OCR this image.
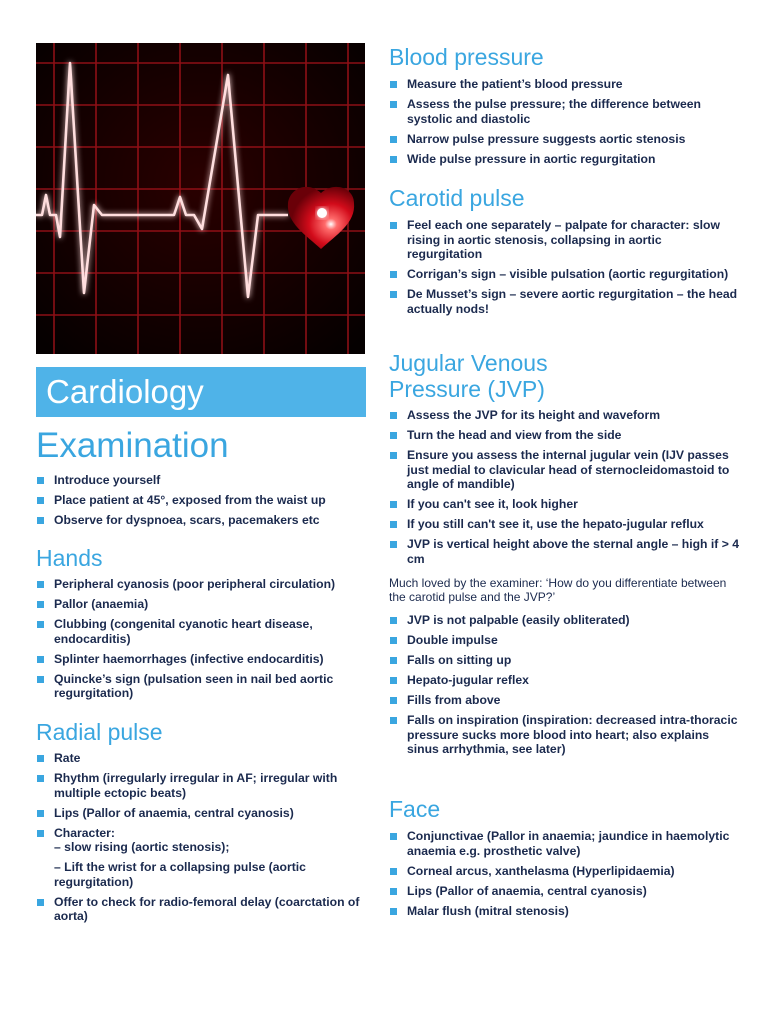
Cardiology
Examination
Introduce yourself
Place patient at 45°, exposed from the waist up
Observe for dyspnoea, scars, pacemakers etc
Hands
Peripheral cyanosis (poor peripheral circulation)
Pallor (anaemia)
Clubbing (congenital cyanotic heart disease, endocarditis)
Splinter haemorrhages (infective endocarditis)
Quincke’s sign (pulsation seen in nail bed aortic regurgitation)
Radial pulse
Rate
Rhythm (irregularly irregular in AF; irregular with multiple ectopic beats)
Lips (Pallor of anaemia, central cyanosis)
Character:
– slow rising (aortic stenosis);
– Lift the wrist for a collapsing pulse (aortic regurgitation)
Offer to check for radio-femoral delay (coarctation of aorta)
Blood pressure
Measure the patient’s blood pressure
Assess the pulse pressure; the difference between systolic and diastolic
Narrow pulse pressure suggests aortic stenosis
Wide pulse pressure in aortic regurgitation
Carotid pulse
Feel each one separately – palpate for character: slow rising in aortic stenosis, collapsing in aortic regurgitation
Corrigan’s sign – visible pulsation (aortic regurgitation)
De Musset’s sign – severe aortic regurgitation – the head actually nods!
Jugular Venous
Pressure (JVP)
Assess the JVP for its height and waveform
Turn the head and view from the side
Ensure you assess the internal jugular vein (IJV passes just medial to clavicular head of sternocleidomastoid to angle of mandible)
If you can't see it, look higher
If you still can't see it, use the hepato-jugular reflux
JVP is vertical height above the sternal angle – high if > 4 cm

Much loved by the examiner: ‘How do you differentiate between the carotid pulse and the JVP?’

JVP is not palpable (easily obliterated)
Double impulse
Falls on sitting up
Hepato-jugular reflex
Fills from above
Falls on inspiration (inspiration: decreased intra-thoracic pressure sucks more blood into heart; also explains sinus arrhythmia, see later)
Face
Conjunctivae (Pallor in anaemia; jaundice in haemolytic anaemia e.g. prosthetic valve)
Corneal arcus, xanthelasma (Hyperlipidaemia)
Lips (Pallor of anaemia, central cyanosis)
Malar flush (mitral stenosis)
